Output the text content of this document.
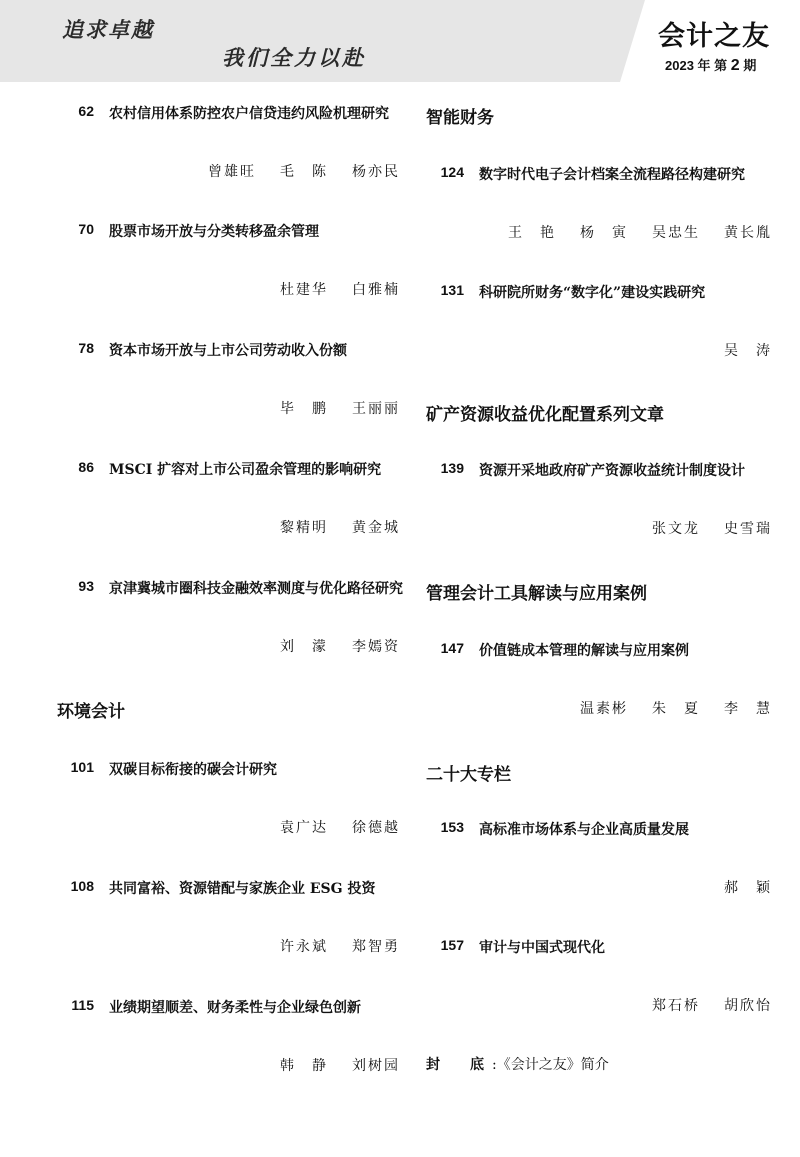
追求卓越
我们全力以赴
会计之友
2023 年 第 2 期
62 农村信用体系防控农户信贷违约风险机理研究
曾雄旺 毛　陈 杨亦民
70 股票市场开放与分类转移盈余管理
杜建华 白雅楠
78 资本市场开放与上市公司劳动收入份额
毕　鹏 王丽丽
86 MSCI 扩容对上市公司盈余管理的影响研究
黎精明 黄金城
93 京津冀城市圈科技金融效率测度与优化路径研究
刘　濛 李嫣资
环境会计
101 双碳目标衔接的碳会计研究
袁广达 徐德越
108 共同富裕、资源错配与家族企业 ESG 投资
许永斌 郑智勇
115 业绩期望顺差、财务柔性与企业绿色创新
韩　静 刘树园
智能财务
124 数字时代电子会计档案全流程路径构建研究
王　艳 杨　寅 吴忠生 黄长胤
131 科研院所财务“数字化”建设实践研究
吴　涛
矿产资源收益优化配置系列文章
139 资源开采地政府矿产资源收益统计制度设计
张文龙 史雪瑞
管理会计工具解读与应用案例
147 价值链成本管理的解读与应用案例
温素彬 朱　夏 李　慧
二十大专栏
153 高标准市场体系与企业高质量发展
郝　颖
157 审计与中国式现代化
郑石桥 胡欣怡
封　底:《会计之友》简介
